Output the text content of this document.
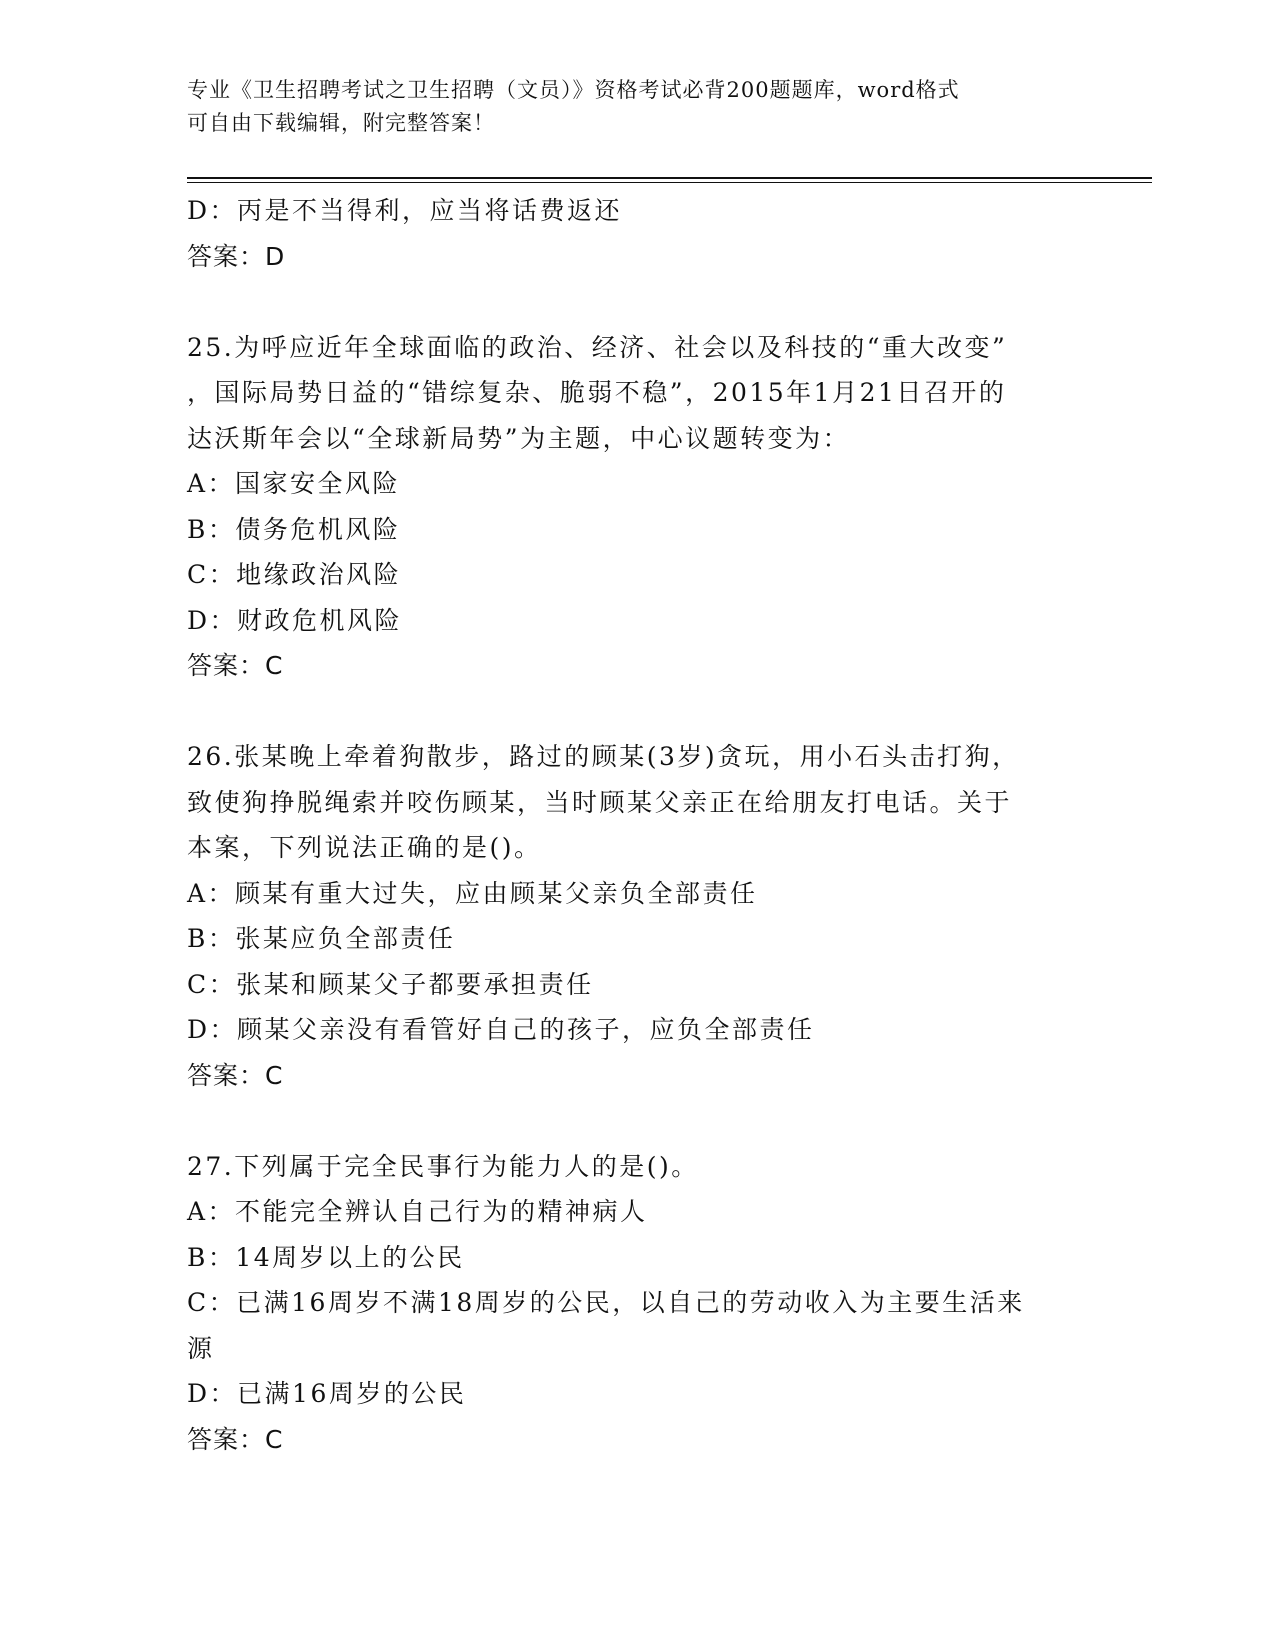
专业《卫生招聘考试之卫生招聘（文员）》资格考试必背200题题库，word格式
可自由下载编辑，附完整答案！
D：丙是不当得利，应当将话费返还
答案：D
25.为呼应近年全球面临的政治、经济、社会以及科技的“重大改变”
，国际局势日益的“错综复杂、脆弱不稳”，2015年1月21日召开的
达沃斯年会以“全球新局势”为主题，中心议题转变为：
A：国家安全风险
B：债务危机风险
C：地缘政治风险
D：财政危机风险
答案：C
26.张某晚上牵着狗散步，路过的顾某(3岁)贪玩，用小石头击打狗，
致使狗挣脱绳索并咬伤顾某，当时顾某父亲正在给朋友打电话。关于
本案，下列说法正确的是()。
A：顾某有重大过失，应由顾某父亲负全部责任
B：张某应负全部责任
C：张某和顾某父子都要承担责任
D：顾某父亲没有看管好自己的孩子，应负全部责任
答案：C
27.下列属于完全民事行为能力人的是()。
A：不能完全辨认自己行为的精神病人
B：14周岁以上的公民
C：已满16周岁不满18周岁的公民，以自己的劳动收入为主要生活来
源
D：已满16周岁的公民
答案：C
